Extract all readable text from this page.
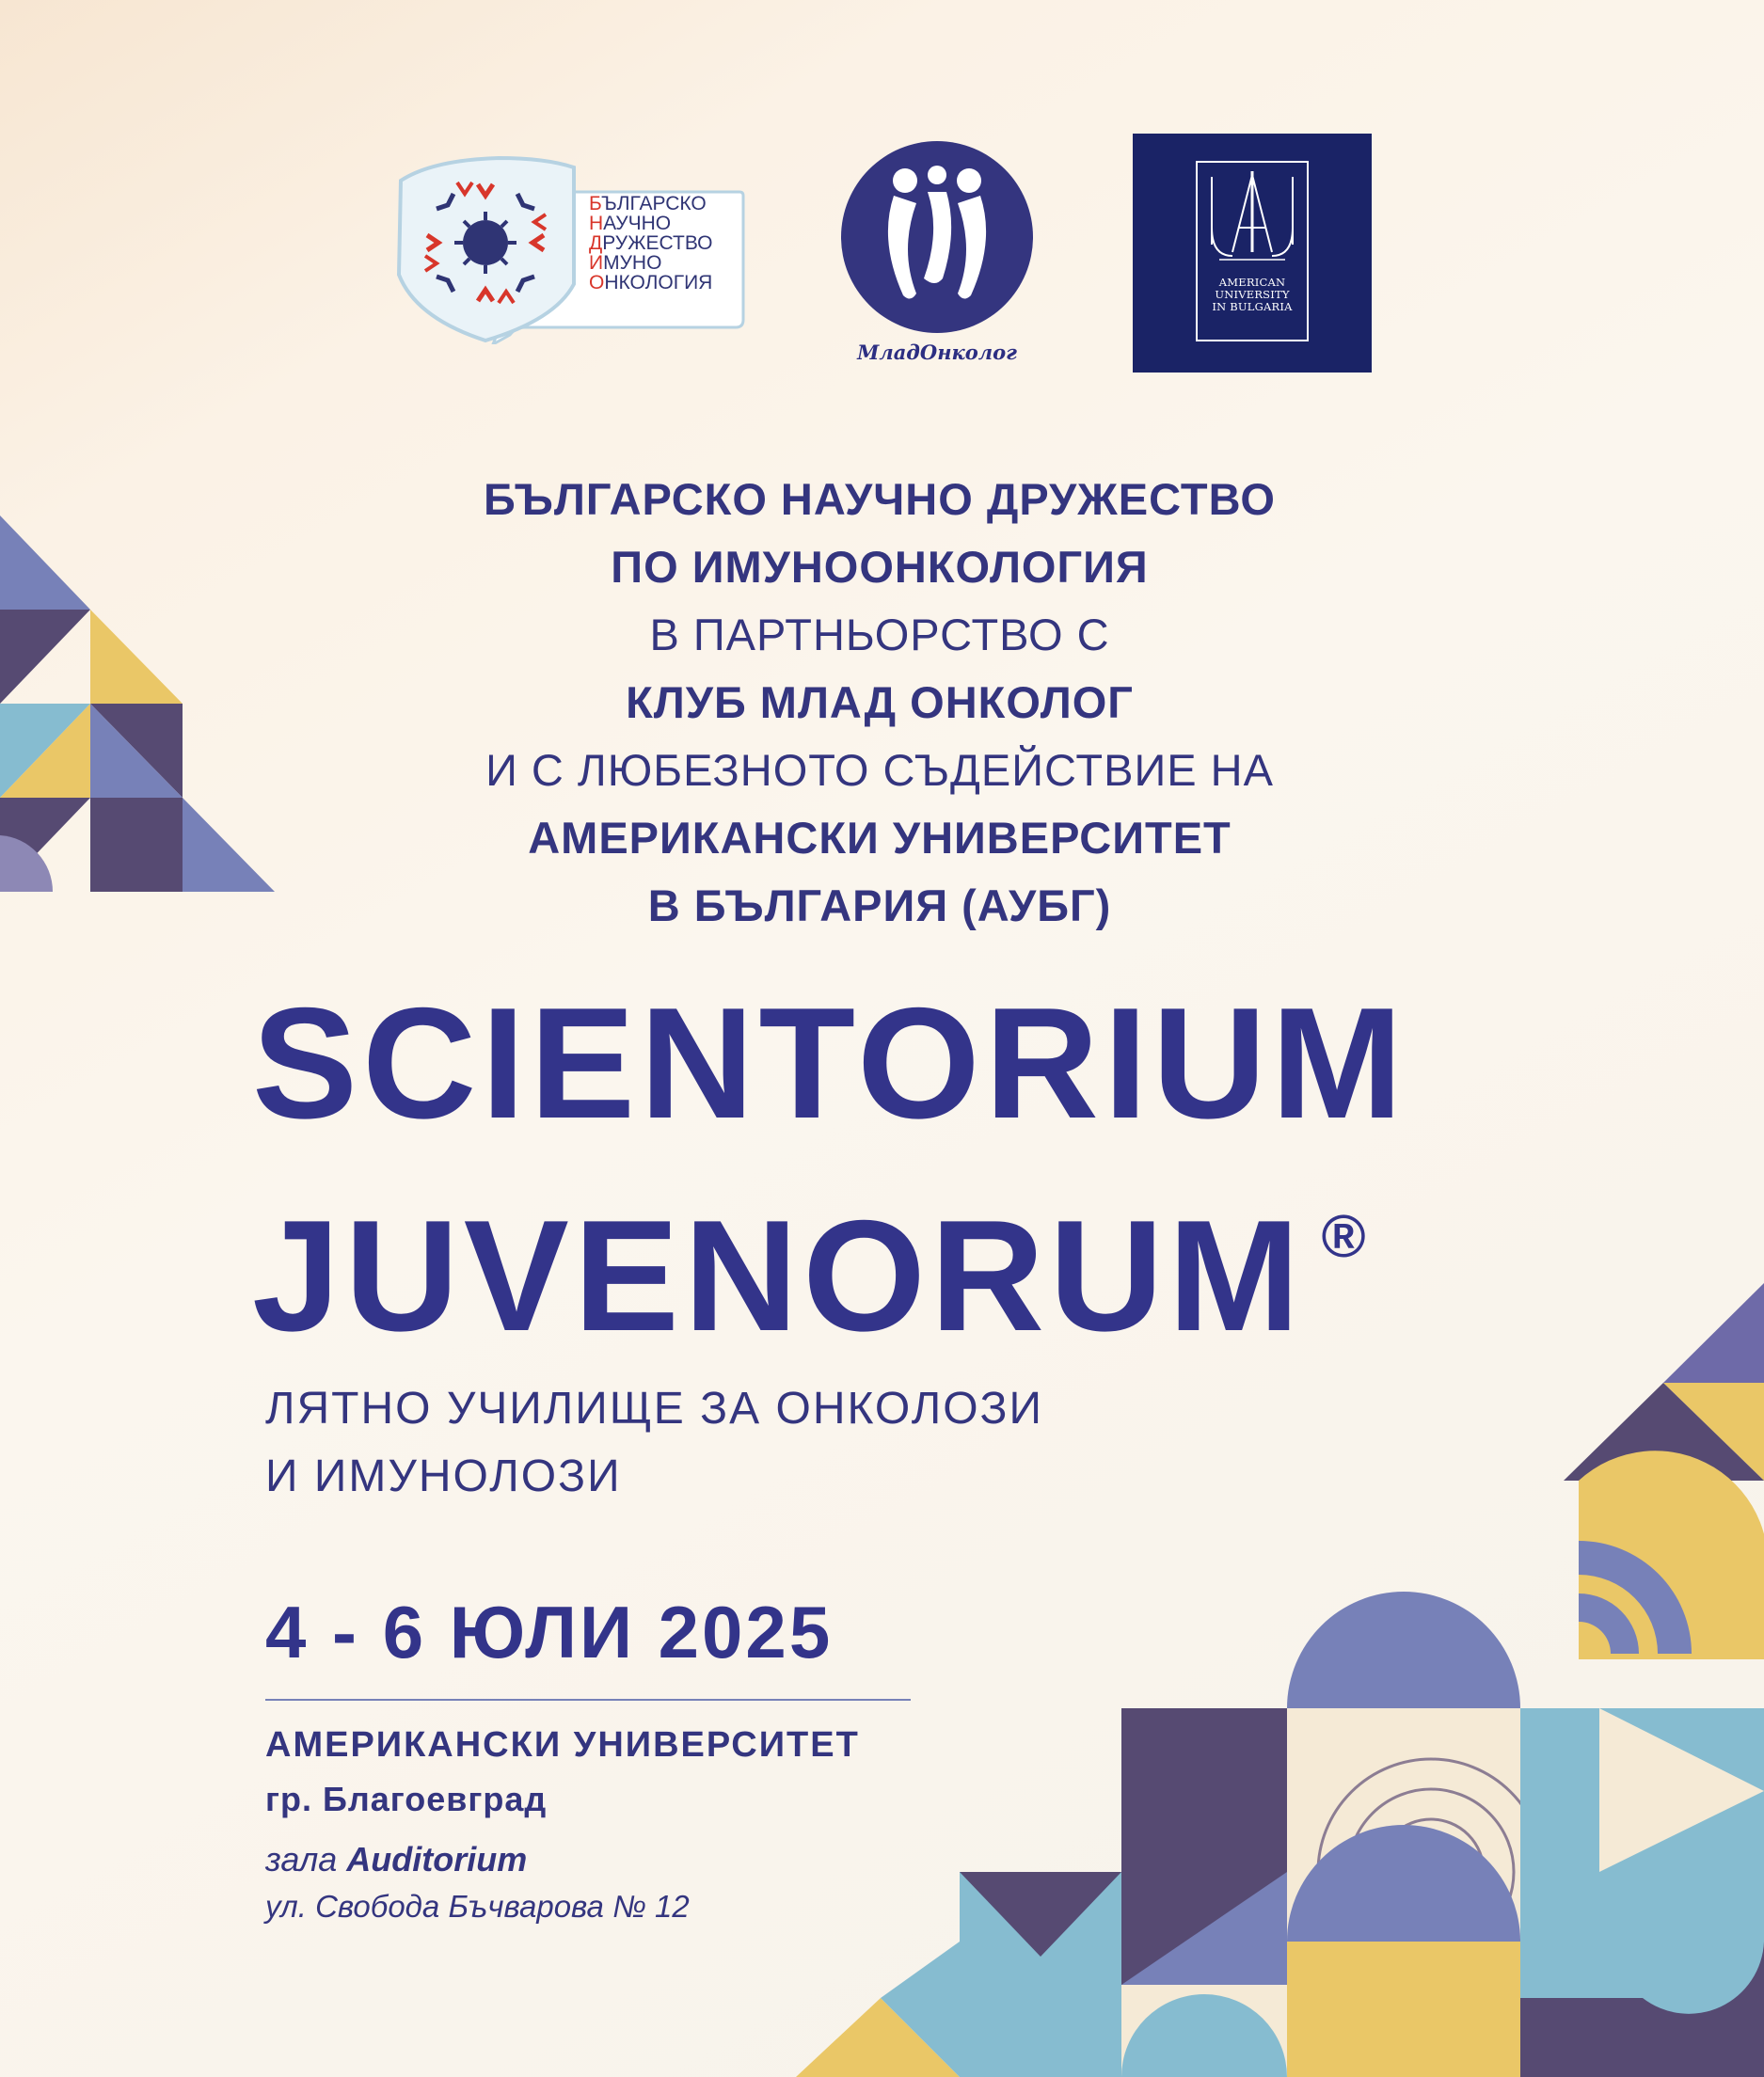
БЪЛГАРСКО
НАУЧНО
ДРУЖЕСТВО
ИМУНО
ОНКОЛОГИЯ
МладОнколог
AMERICAN
UNIVERSITY
IN BULGARIA
БЪЛГАРСКО НАУЧНО ДРУЖЕСТВО
ПО ИМУНООНКОЛОГИЯ
В ПАРТНЬОРСТВО С
КЛУБ МЛАД ОНКОЛОГ
И С ЛЮБЕЗНОТО СЪДЕЙСТВИЕ НА
АМЕРИКАНСКИ УНИВЕРСИТЕТ
В БЪЛГАРИЯ (АУБГ)
SCIENTORIUM
JUVENORUM ®
ЛЯТНО УЧИЛИЩЕ ЗА ОНКОЛОЗИ
И ИМУНОЛОЗИ
4 - 6 ЮЛИ 2025
АМЕРИКАНСКИ УНИВЕРСИТЕТ
гр. Благоевград
зала Auditorium
ул. Свобода Бъчварова № 12
